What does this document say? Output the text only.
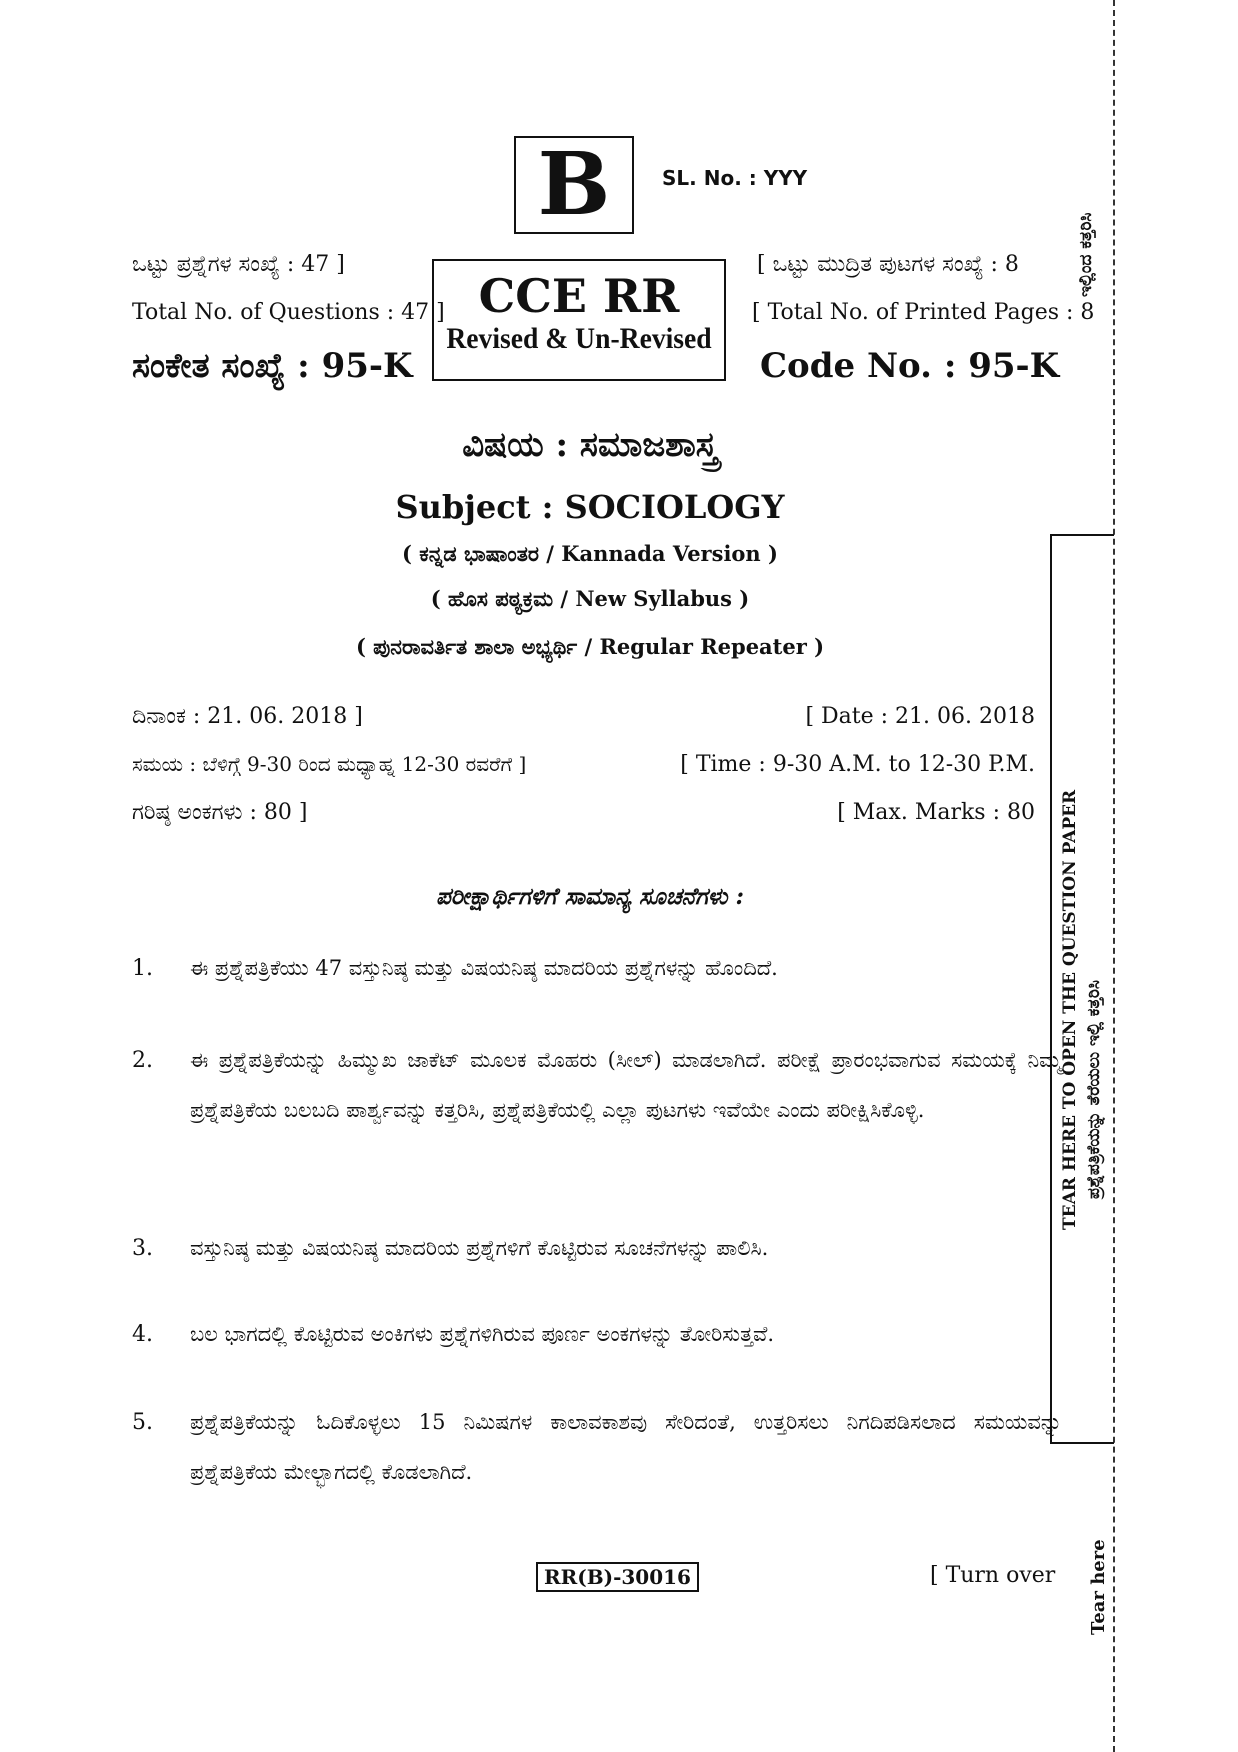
B	SL. No. : YYY
ಒಟ್ಟು ಪ್ರಶ್ನೆಗಳ ಸಂಖ್ಯೆ : 47 ]
Total No. of Questions : 47 ]
ಸಂಕೇತ ಸಂಖ್ಯೆ : 95-K
CCE RR
Revised & Un-Revised
[ ಒಟ್ಟು ಮುದ್ರಿತ ಪುಟಗಳ ಸಂಖ್ಯೆ : 8
[ Total No. of Printed Pages : 8
Code No. : 95-K
ವಿಷಯ : ಸಮಾಜಶಾಸ್ತ್ರ
Subject : SOCIOLOGY
( ಕನ್ನಡ ಭಾಷಾಂತರ / Kannada Version )
( ಹೊಸ ಪಠ್ಯಕ್ರಮ / New Syllabus )
( ಪುನರಾವರ್ತಿತ ಶಾಲಾ ಅಭ್ಯರ್ಥಿ / Regular Repeater )
ದಿನಾಂಕ : 21. 06. 2018 ]	[ Date : 21. 06. 2018
ಸಮಯ : ಬೆಳಿಗ್ಗೆ 9-30 ರಿಂದ ಮಧ್ಯಾಹ್ನ 12-30 ರವರೆಗೆ ]	[ Time : 9-30 A.M. to 12-30 P.M.
ಗರಿಷ್ಠ ಅಂಕಗಳು : 80 ]	[ Max. Marks : 80
ಪರೀಕ್ಷಾರ್ಥಿಗಳಿಗೆ ಸಾಮಾನ್ಯ ಸೂಚನೆಗಳು :
1. ಈ ಪ್ರಶ್ನೆಪತ್ರಿಕೆಯು 47 ವಸ್ತುನಿಷ್ಠ ಮತ್ತು ವಿಷಯನಿಷ್ಠ ಮಾದರಿಯ ಪ್ರಶ್ನೆಗಳನ್ನು ಹೊಂದಿದೆ.
2. ಈ ಪ್ರಶ್ನೆಪತ್ರಿಕೆಯನ್ನು ಹಿಮ್ಮುಖ ಜಾಕೆಟ್ ಮೂಲಕ ಮೊಹರು (ಸೀಲ್) ಮಾಡಲಾಗಿದೆ. ಪರೀಕ್ಷೆ ಪ್ರಾರಂಭವಾಗುವ ಸಮಯಕ್ಕೆ ನಿಮ್ಮ ಪ್ರಶ್ನೆಪತ್ರಿಕೆಯ ಬಲಬದಿ ಪಾರ್ಶ್ವವನ್ನು ಕತ್ತರಿಸಿ, ಪ್ರಶ್ನೆಪತ್ರಿಕೆಯಲ್ಲಿ ಎಲ್ಲಾ ಪುಟಗಳು ಇವೆಯೇ ಎಂದು ಪರೀಕ್ಷಿಸಿಕೊಳ್ಳಿ.
3. ವಸ್ತುನಿಷ್ಠ ಮತ್ತು ವಿಷಯನಿಷ್ಠ ಮಾದರಿಯ ಪ್ರಶ್ನೆಗಳಿಗೆ ಕೊಟ್ಟಿರುವ ಸೂಚನೆಗಳನ್ನು ಪಾಲಿಸಿ.
4. ಬಲ ಭಾಗದಲ್ಲಿ ಕೊಟ್ಟಿರುವ ಅಂಕಿಗಳು ಪ್ರಶ್ನೆಗಳಿಗಿರುವ ಪೂರ್ಣ ಅಂಕಗಳನ್ನು ತೋರಿಸುತ್ತವೆ.
5. ಪ್ರಶ್ನೆಪತ್ರಿಕೆಯನ್ನು ಓದಿಕೊಳ್ಳಲು 15 ನಿಮಿಷಗಳ ಕಾಲಾವಕಾಶವು ಸೇರಿದಂತೆ, ಉತ್ತರಿಸಲು ನಿಗದಿಪಡಿಸಲಾದ ಸಮಯವನ್ನು ಪ್ರಶ್ನೆಪತ್ರಿಕೆಯ ಮೇಲ್ಭಾಗದಲ್ಲಿ ಕೊಡಲಾಗಿದೆ.
RR(B)-30016	[ Turn over
ಇಲ್ಲಿಂದ ಕತ್ತರಿಸಿ
TEAR HERE TO OPEN THE QUESTION PAPER ಪ್ರಶ್ನೆಪತ್ರಿಕೆಯನ್ನು ತೆರೆಯಲು ಇಲ್ಲಿ ಕತ್ತರಿಸಿ
Tear here
